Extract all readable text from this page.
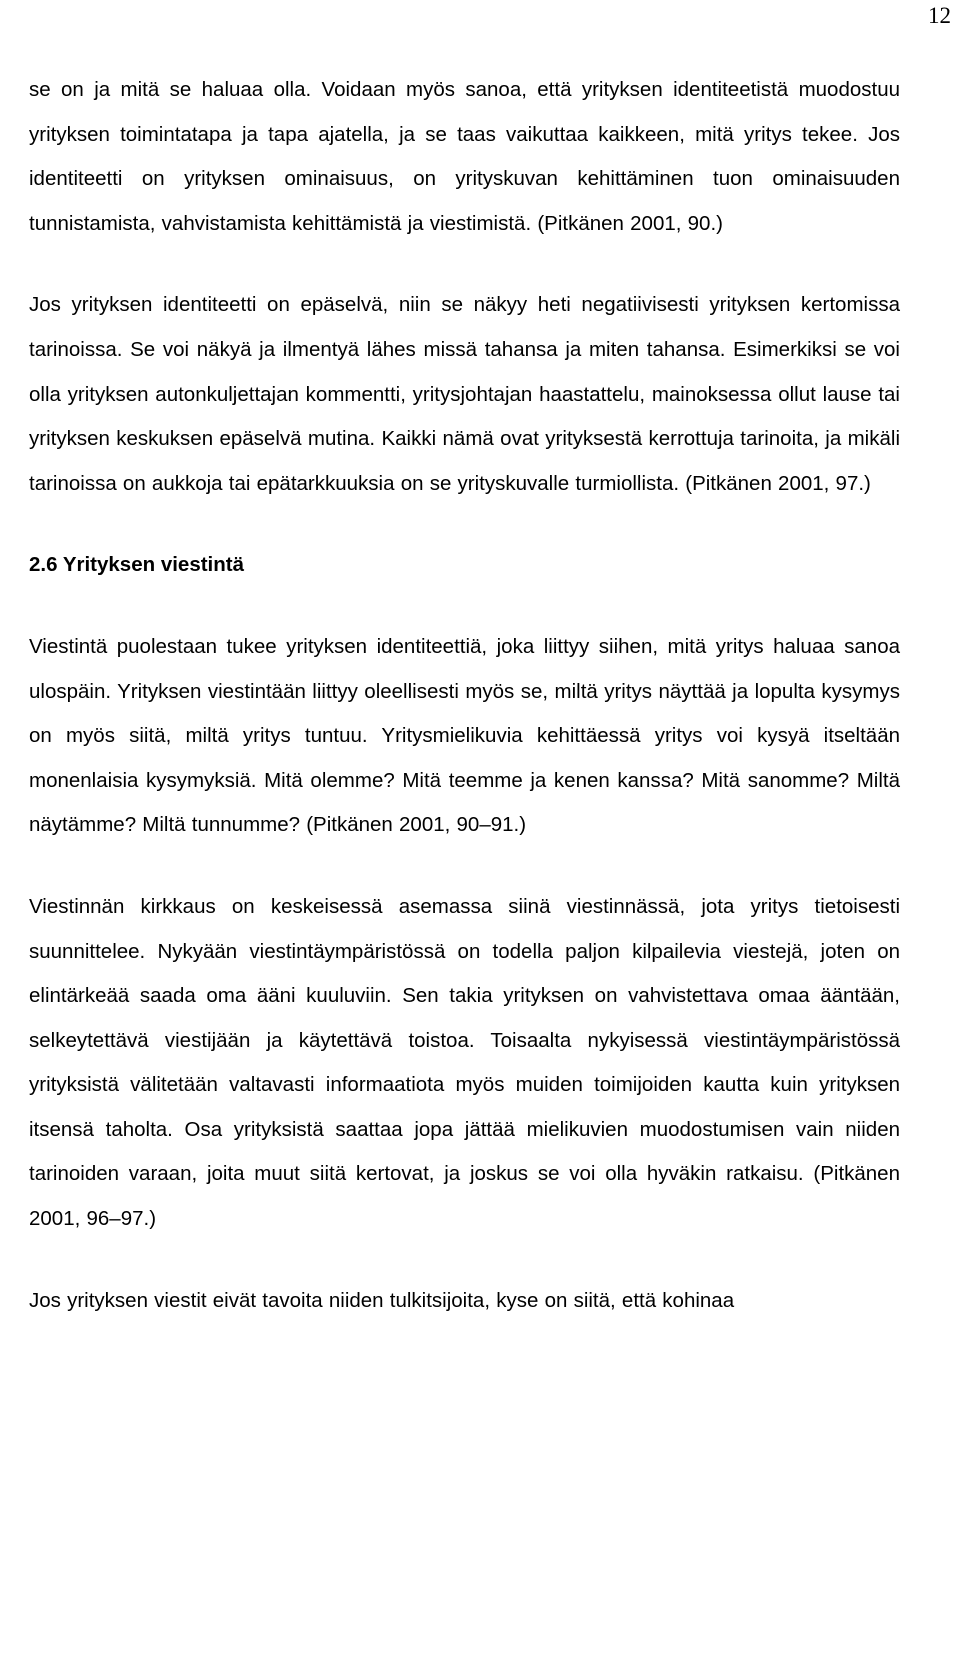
12

se on ja mitä se haluaa olla. Voidaan myös sanoa, että yrityksen identiteetistä muodostuu yrityksen toimintatapa ja tapa ajatella, ja se taas vaikuttaa kaikkeen, mitä yritys tekee. Jos identiteetti on yrityksen ominaisuus, on yrityskuvan kehittäminen tuon ominaisuuden tunnistamista, vahvistamista kehittämistä ja viestimistä. (Pitkänen 2001, 90.)

Jos yrityksen identiteetti on epäselvä, niin se näkyy heti negatiivisesti yrityksen kertomissa tarinoissa. Se voi näkyä ja ilmentyä lähes missä tahansa ja miten tahansa. Esimerkiksi se voi olla yrityksen autonkuljettajan kommentti, yritysjohtajan haastattelu, mainoksessa ollut lause tai yrityksen keskuksen epäselvä mutina. Kaikki nämä ovat yrityksestä kerrottuja tarinoita, ja mikäli tarinoissa on aukkoja tai epätarkkuuksia on se yrityskuvalle turmiollista. (Pitkänen 2001, 97.)

2.6 Yrityksen viestintä

Viestintä puolestaan tukee yrityksen identiteettiä, joka liittyy siihen, mitä yritys haluaa sanoa ulospäin. Yrityksen viestintään liittyy oleellisesti myös se, miltä yritys näyttää ja lopulta kysymys on myös siitä, miltä yritys tuntuu. Yritysmielikuvia kehittäessä yritys voi kysyä itseltään monenlaisia kysymyksiä. Mitä olemme? Mitä teemme ja kenen kanssa? Mitä sanomme? Miltä näytämme? Miltä tunnumme? (Pitkänen 2001, 90–91.)

Viestinnän kirkkaus on keskeisessä asemassa siinä viestinnässä, jota yritys tietoisesti suunnittelee. Nykyään viestintäympäristössä on todella paljon kilpailevia viestejä, joten on elintärkeää saada oma ääni kuuluviin. Sen takia yrityksen on vahvistettava omaa ääntään, selkeytettävä viestijään ja käytettävä toistoa. Toisaalta nykyisessä viestintäympäristössä yrityksistä välitetään valtavasti informaatiota myös muiden toimijoiden kautta kuin yrityksen itsensä taholta. Osa yrityksistä saattaa jopa jättää mielikuvien muodostumisen vain niiden tarinoiden varaan, joita muut siitä kertovat, ja joskus se voi olla hyväkin ratkaisu. (Pitkänen 2001, 96–97.)

Jos yrityksen viestit eivät tavoita niiden tulkitsijoita, kyse on siitä, että kohinaa
